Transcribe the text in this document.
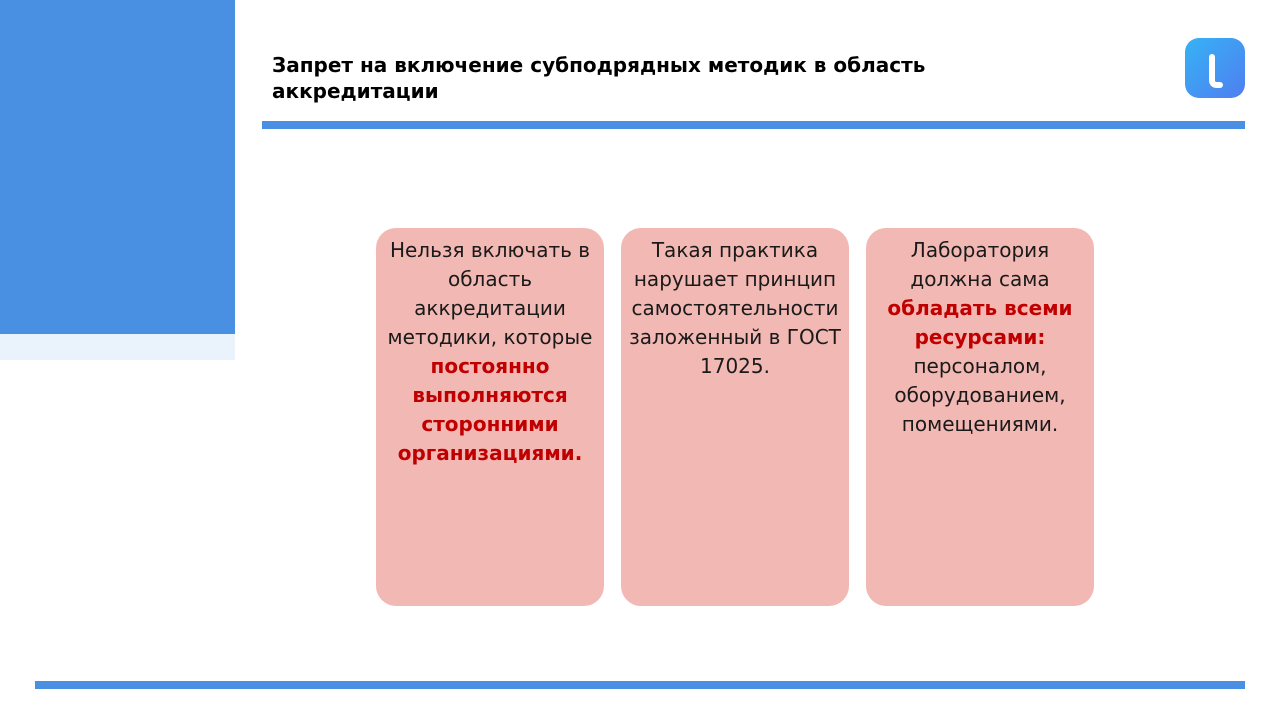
Запрет на включение субподрядных методик в область аккредитации
Нельзя включать в область аккредитации методики, которые постоянно выполняются сторонними организациями.
Такая практика нарушает принцип самостоятельности заложенный в ГОСТ 17025.
Лаборатория должна сама обладать всеми ресурсами: персоналом, оборудованием, помещениями.
